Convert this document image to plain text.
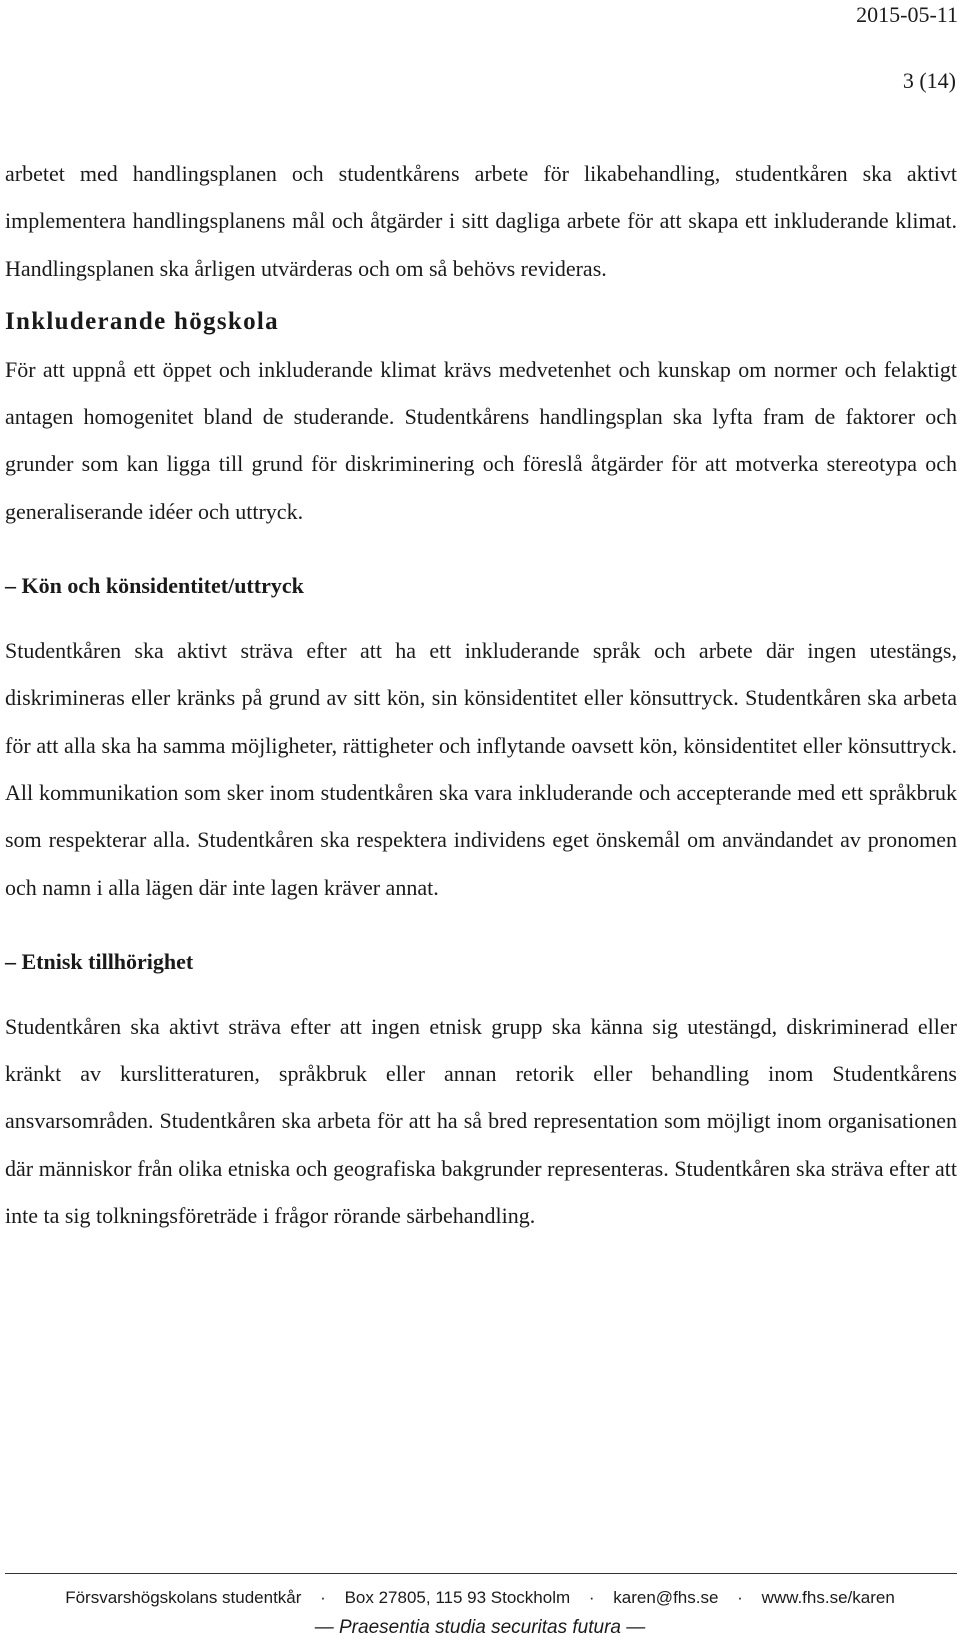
2015-05-11
3 (14)

arbetet med handlingsplanen och studentkårens arbete för likabehandling, studentkåren ska aktivt implementera handlingsplanens mål och åtgärder i sitt dagliga arbete för att skapa ett inkluderande klimat. Handlingsplanen ska årligen utvärderas och om så behövs revideras.

Inkluderande högskola

För att uppnå ett öppet och inkluderande klimat krävs medvetenhet och kunskap om normer och felaktigt antagen homogenitet bland de studerande. Studentkårens handlingsplan ska lyfta fram de faktorer och grunder som kan ligga till grund för diskriminering och föreslå åtgärder för att motverka stereotypa och generaliserande idéer och uttryck.

– Kön och könsidentitet/uttryck

Studentkåren ska aktivt sträva efter att ha ett inkluderande språk och arbete där ingen utestängs, diskrimineras eller kränks på grund av sitt kön, sin könsidentitet eller könsuttryck. Studentkåren ska arbeta för att alla ska ha samma möjligheter, rättigheter och inflytande oavsett kön, könsidentitet eller könsuttryck. All kommunikation som sker inom studentkåren ska vara inkluderande och accepterande med ett språkbruk som respekterar alla. Studentkåren ska respektera individens eget önskemål om användandet av pronomen och namn i alla lägen där inte lagen kräver annat.

– Etnisk tillhörighet

Studentkåren ska aktivt sträva efter att ingen etnisk grupp ska känna sig utestängd, diskriminerad eller kränkt av kurslitteraturen, språkbruk eller annan retorik eller behandling inom Studentkårens ansvarsområden. Studentkåren ska arbeta för att ha så bred representation som möjligt inom organisationen där människor från olika etniska och geografiska bakgrunder representeras. Studentkåren ska sträva efter att inte ta sig tolkningsföreträde i frågor rörande särbehandling.

Försvarshögskolans studentkår · Box 27805, 115 93 Stockholm · karen@fhs.se · www.fhs.se/karen
— Praesentia studia securitas futura —
